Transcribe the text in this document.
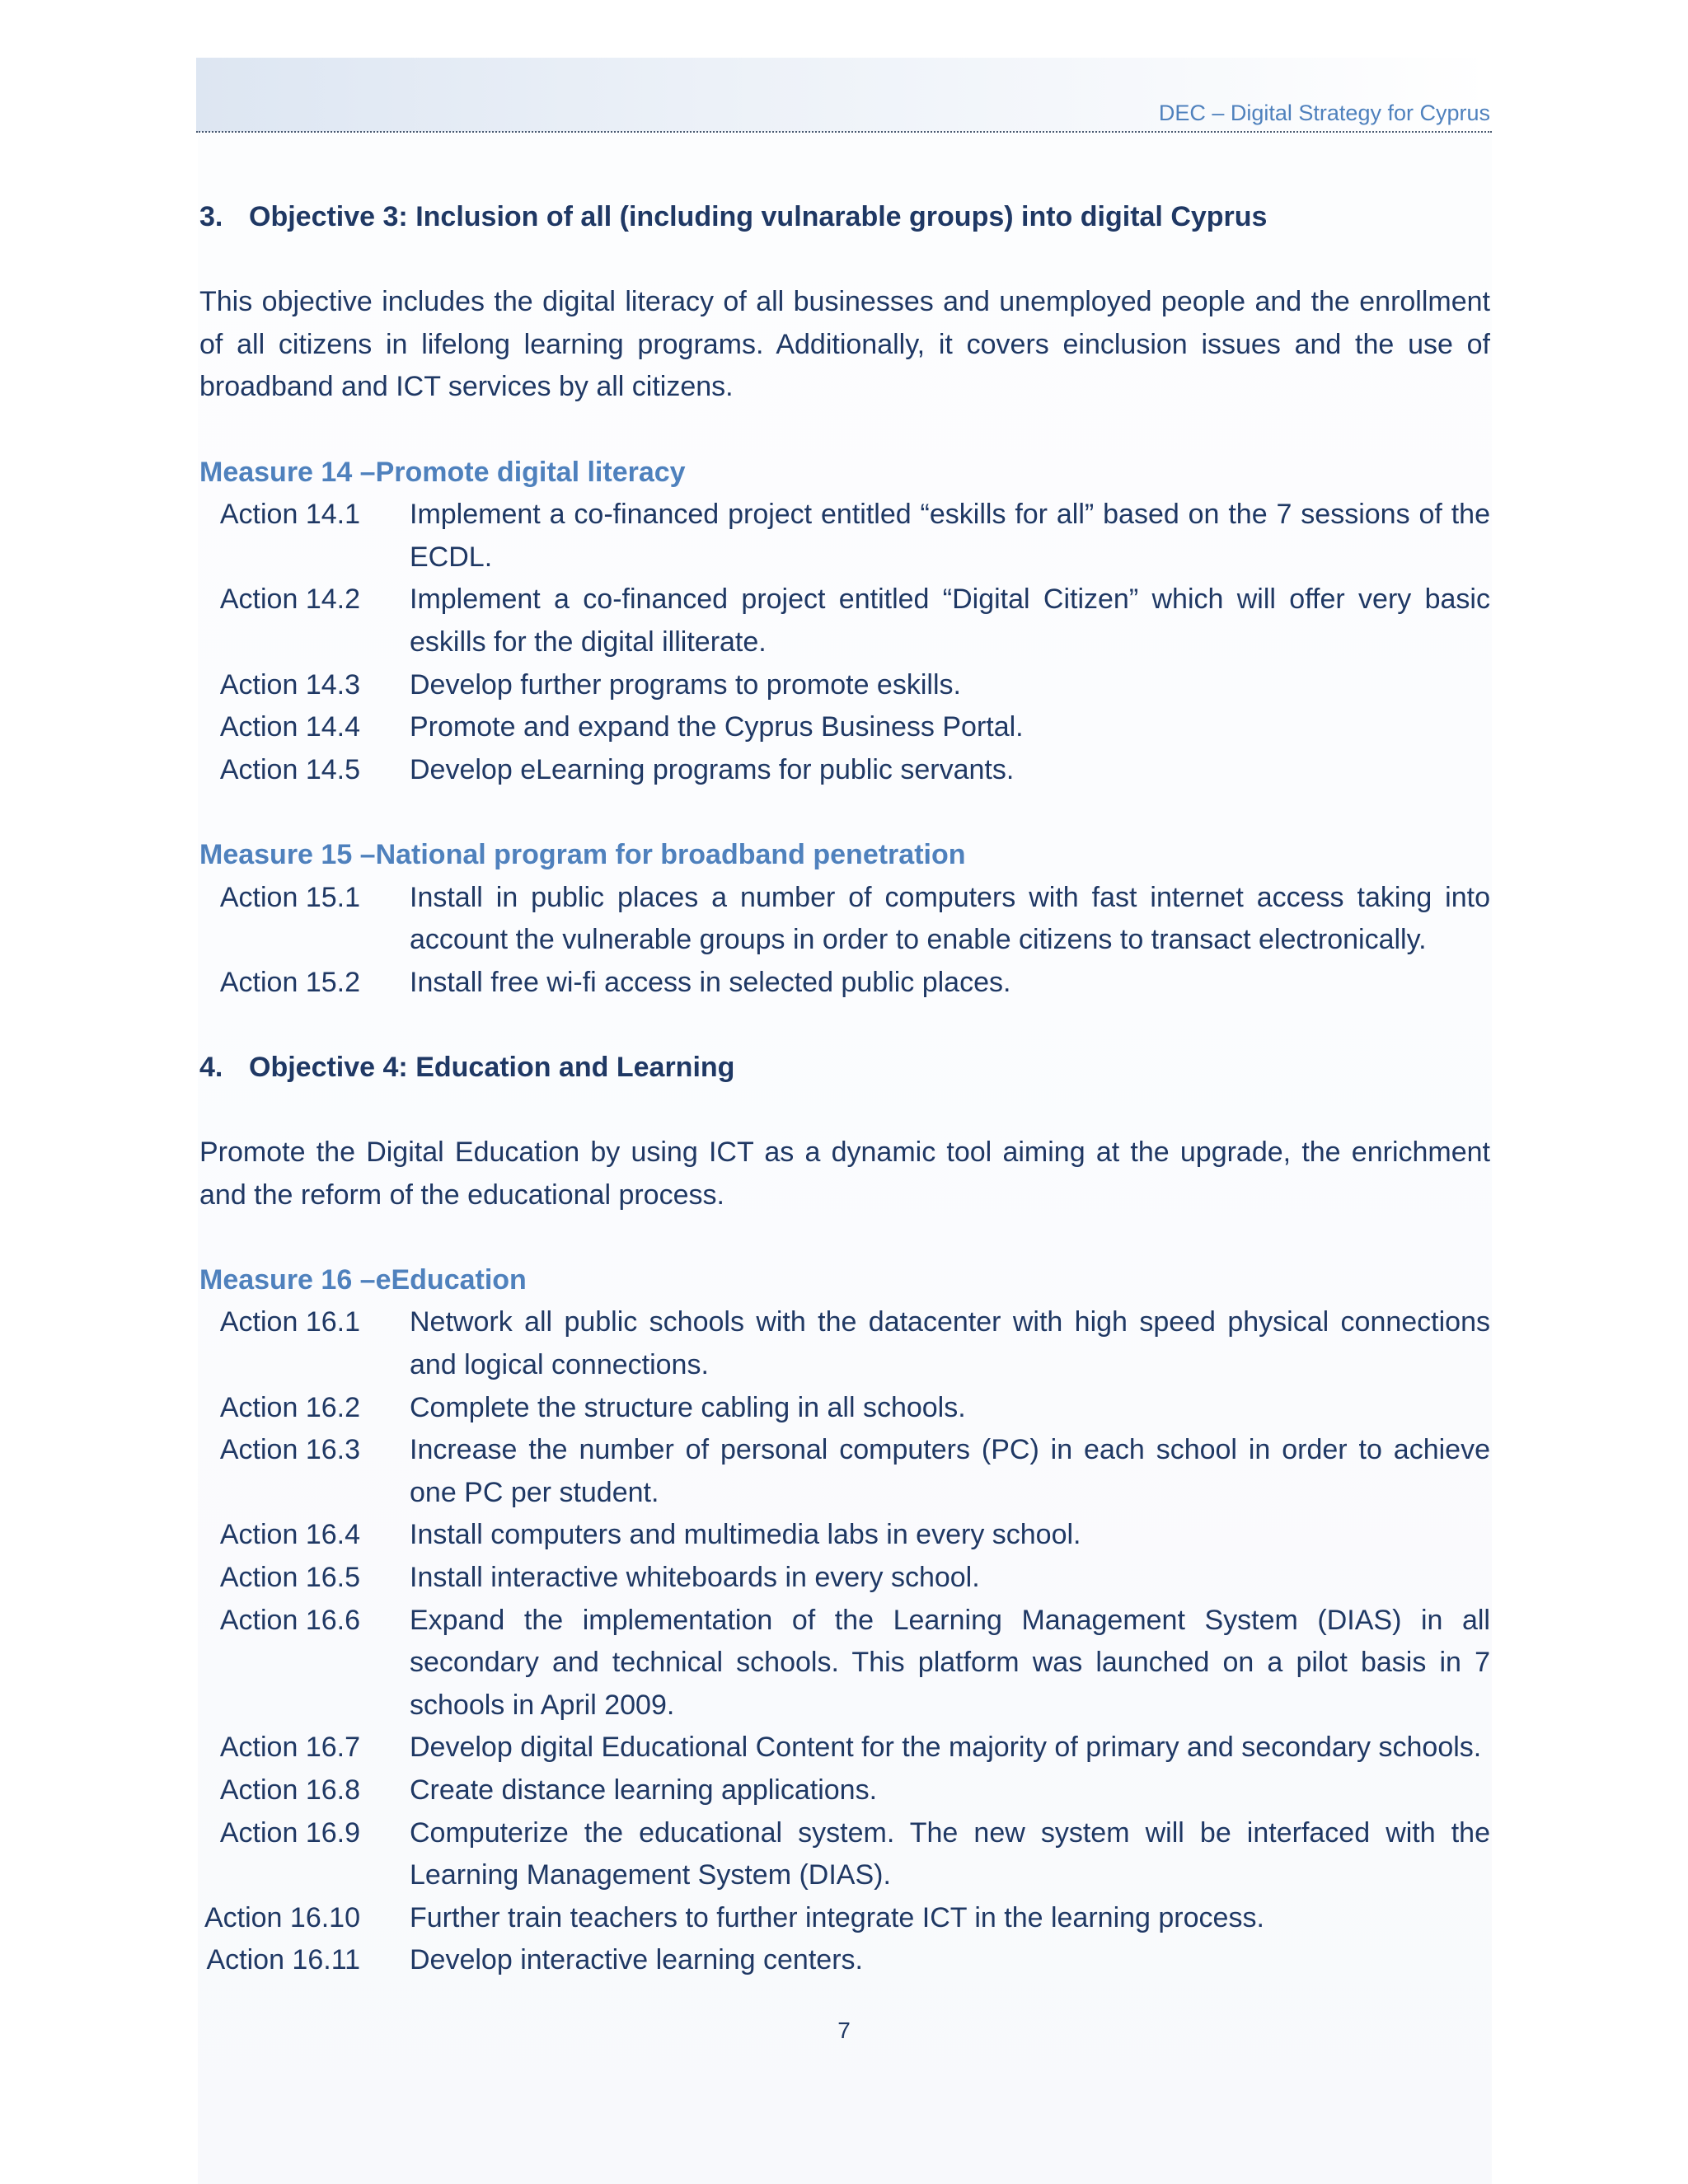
DEC – Digital Strategy for Cyprus
3. Objective 3: Inclusion of all (including vulnarable groups) into digital Cyprus
This objective includes the digital literacy of all businesses and unemployed people and the enrollment of all citizens in lifelong learning programs. Additionally, it covers einclusion issues and the use of broadband and ICT services by all citizens.
Measure 14 –Promote digital literacy
Action 14.1 Implement a co-financed project entitled “eskills for all” based on the 7 sessions of the ECDL.
Action 14.2 Implement a co-financed project entitled “Digital Citizen” which will offer very basic eskills for the digital illiterate.
Action 14.3 Develop further programs to promote eskills.
Action 14.4 Promote and expand the Cyprus Business Portal.
Action 14.5 Develop eLearning programs for public servants.
Measure 15 –National program for broadband penetration
Action 15.1 Install in public places a number of computers with fast internet access taking into account the vulnerable groups in order to enable citizens to transact electronically.
Action 15.2 Install free wi-fi access in selected public places.
4. Objective 4: Education and Learning
Promote the Digital Education by using ICT as a dynamic tool aiming at the upgrade, the enrichment and the reform of the educational process.
Measure 16 –eEducation
Action 16.1 Network all public schools with the datacenter with high speed physical connections and logical connections.
Action 16.2 Complete the structure cabling in all schools.
Action 16.3 Increase the number of personal computers (PC) in each school in order to achieve one PC per student.
Action 16.4 Install computers and multimedia labs in every school.
Action 16.5 Install interactive whiteboards in every school.
Action 16.6 Expand the implementation of the Learning Management System (DIAS) in all secondary and technical schools. This platform was launched on a pilot basis in 7 schools in April 2009.
Action 16.7 Develop digital Educational Content for the majority of primary and secondary schools.
Action 16.8 Create distance learning applications.
Action 16.9 Computerize the educational system. The new system will be interfaced with the Learning Management System (DIAS).
Action 16.10 Further train teachers to further integrate ICT in the learning process.
Action 16.11 Develop interactive learning centers.
7
